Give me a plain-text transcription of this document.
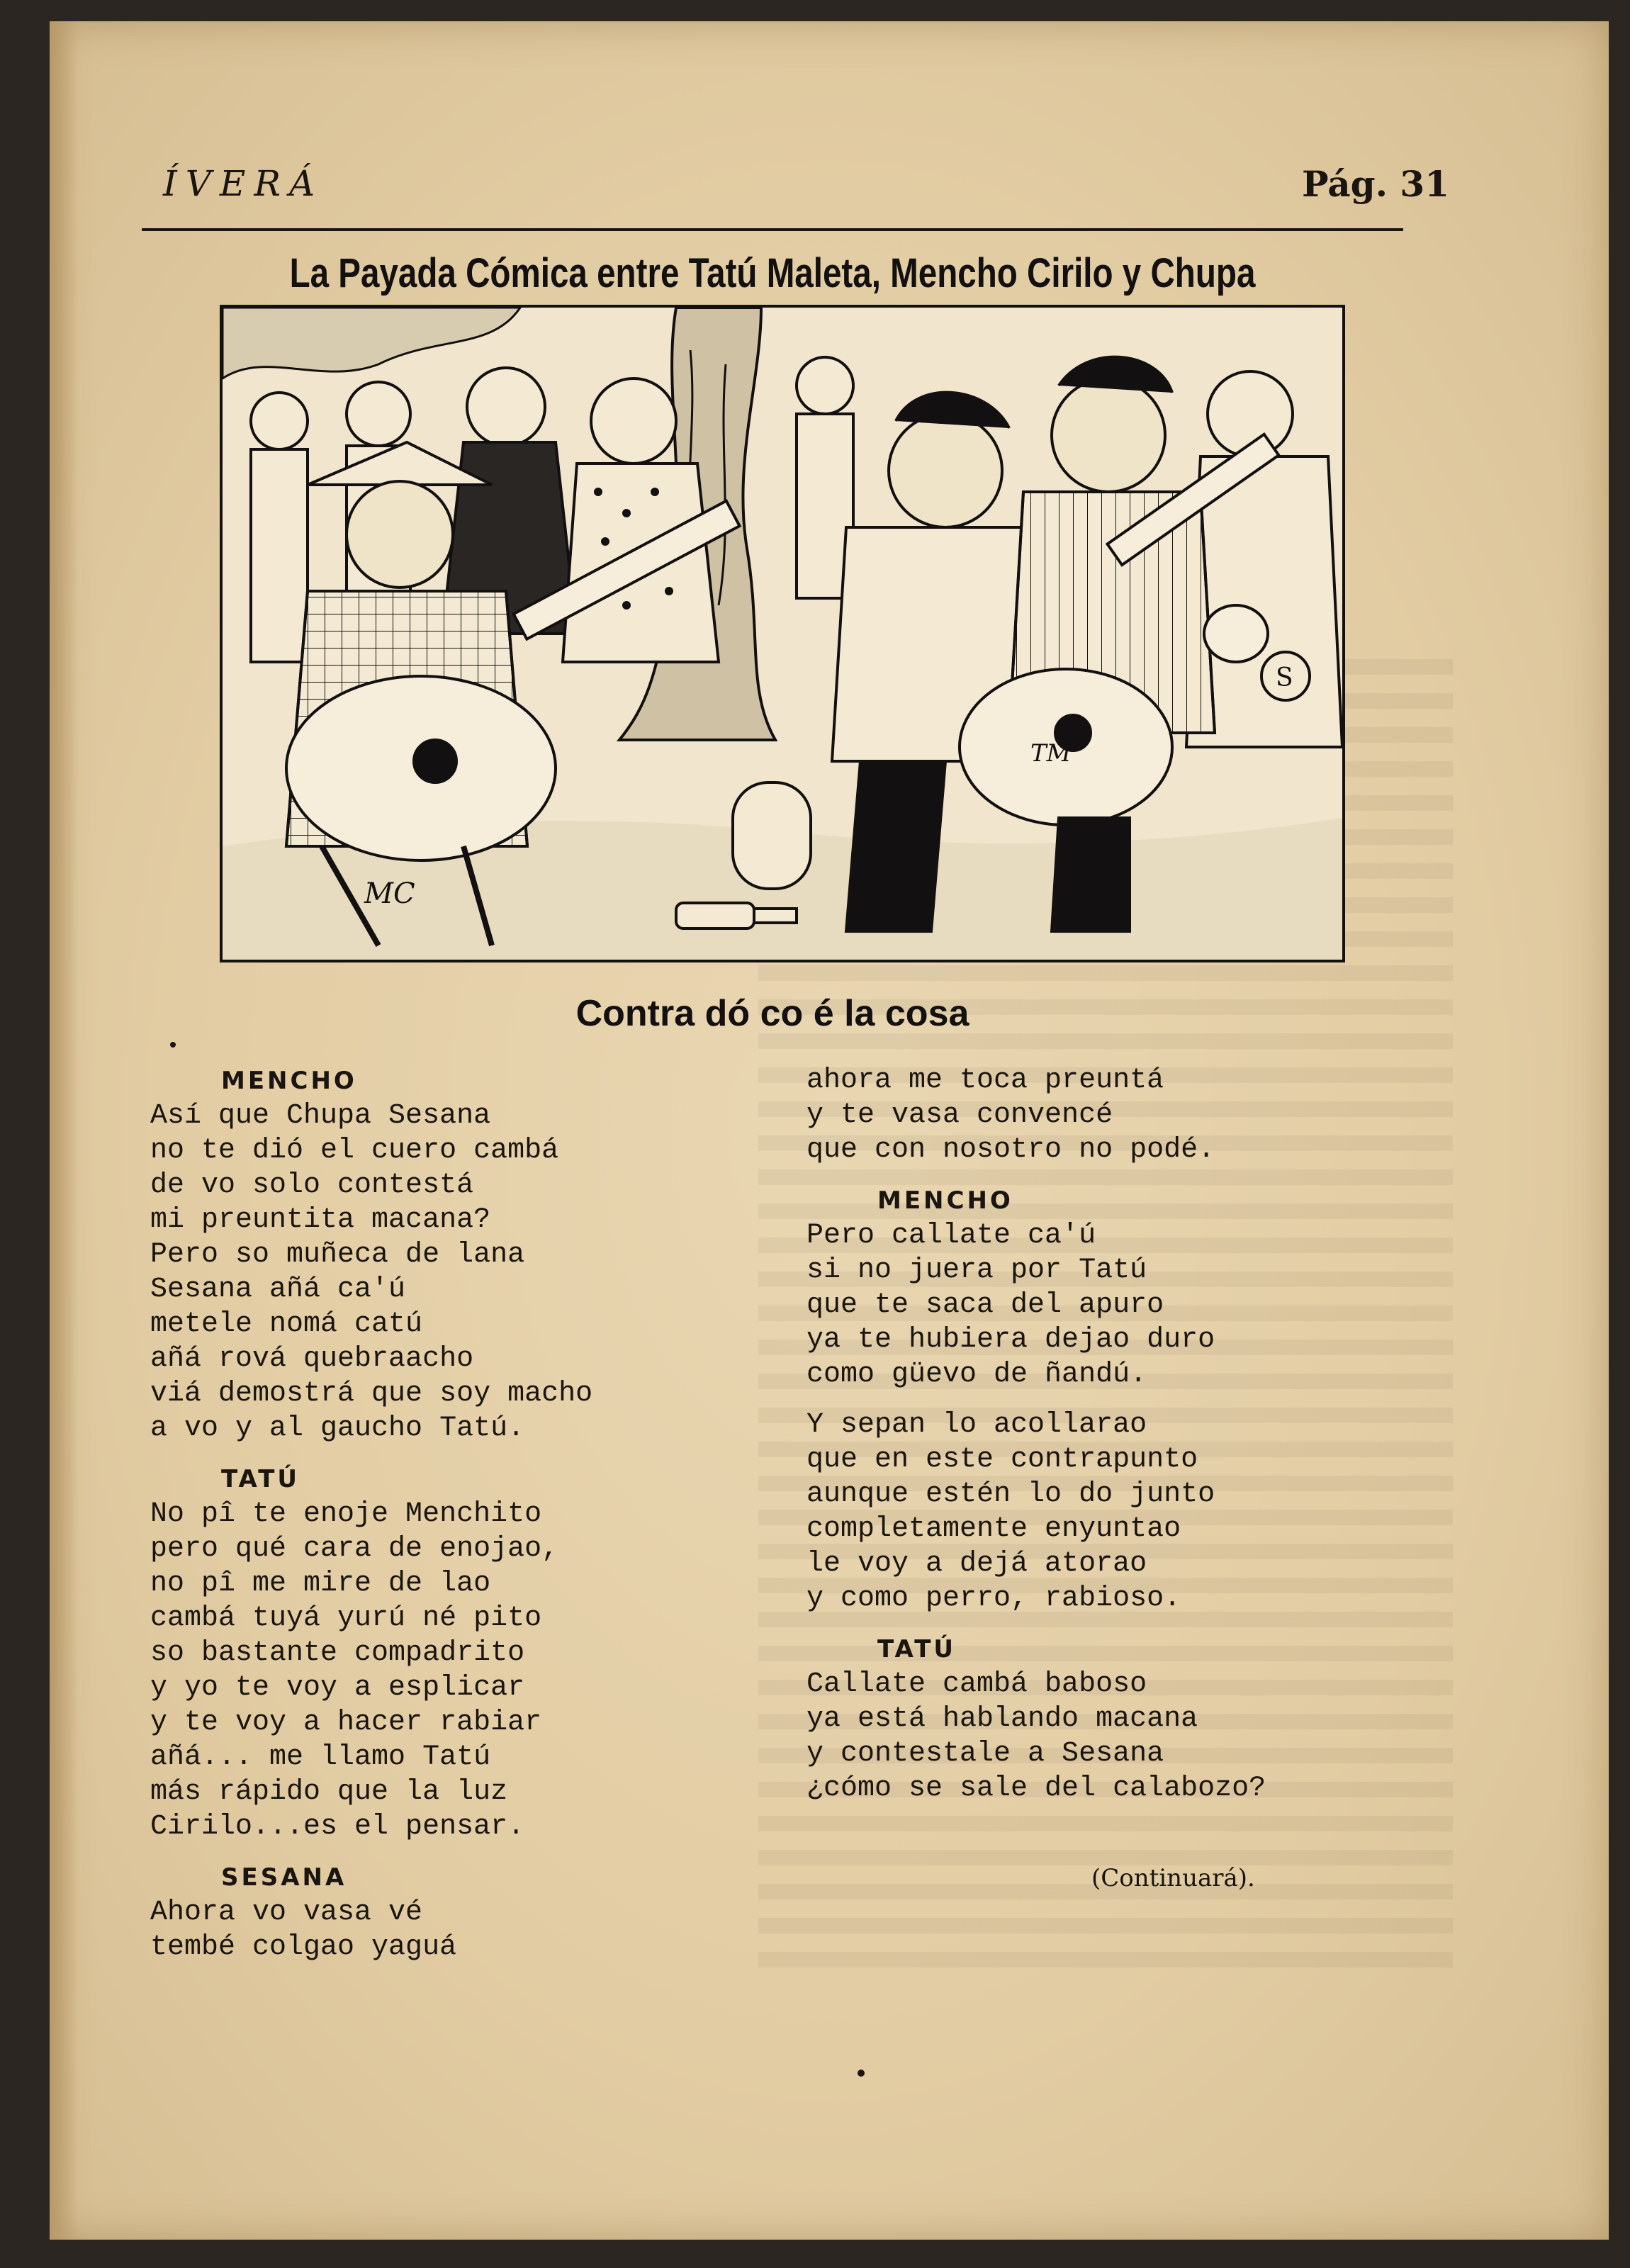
ÍVERÁ	Pág. 31
La Payada Cómica entre Tatú Maleta, Mencho Cirilo y Chupa
MC
TM
S
Contra dó co é la cosa
MENCHO
Así que Chupa Sesana
no te dió el cuero cambá
de vo solo contestá
mi preuntita macana?
Pero so muñeca de lana
Sesana añá ca'ú
metele nomá catú
añá rová quebraacho
viá demostrá que soy macho
a vo y al gaucho Tatú.
TATÚ
No pî te enoje Menchito
pero qué cara de enojao,
no pî me mire de lao
cambá tuyá yurú né pito
so bastante compadrito
y yo te voy a esplicar
y te voy a hacer rabiar
añá... me llamo Tatú
más rápido que la luz
Cirilo...es el pensar.
SESANA
Ahora vo vasa vé
tembé colgao yaguá
ahora me toca preuntá
y te vasa convencé
que con nosotro no podé.
MENCHO
Pero callate ca'ú
si no juera por Tatú
que te saca del apuro
ya te hubiera dejao duro
como güevo de ñandú.
Y sepan lo acollarao
que en este contrapunto
aunque estén lo do junto
completamente enyuntao
le voy a dejá atorao
y como perro, rabioso.
TATÚ
Callate cambá baboso
ya está hablando macana
y contestale a Sesana
¿cómo se sale del calabozo?
(Continuará).
